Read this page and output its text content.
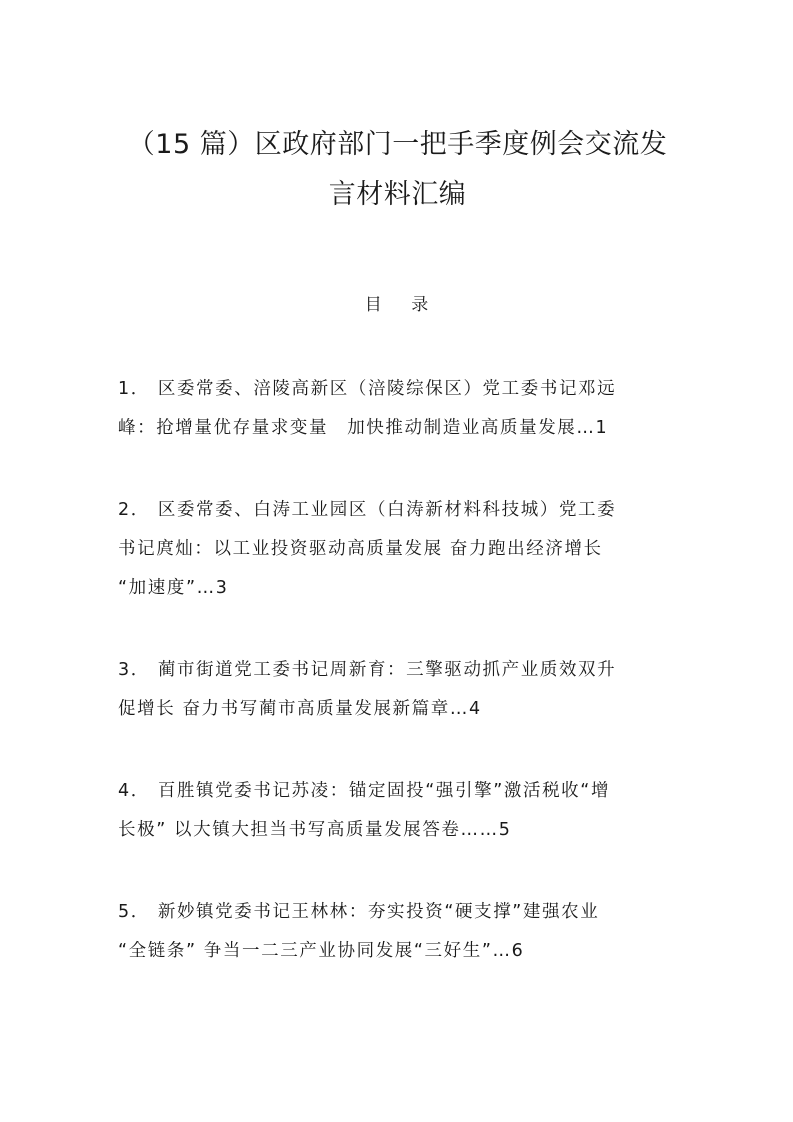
（15 篇）区政府部门一把手季度例会交流发
言材料汇编
目 录
1． 区委常委、涪陵高新区（涪陵综保区）党工委书记邓远
峰：抢增量优存量求变量　加快推动制造业高质量发展…1
2． 区委常委、白涛工业园区（白涛新材料科技城）党工委
书记庹灿：以工业投资驱动高质量发展 奋力跑出经济增长
“加速度”…3
3． 蔺市街道党工委书记周新育：三擎驱动抓产业质效双升
促增长 奋力书写蔺市高质量发展新篇章…4
4． 百胜镇党委书记苏凌：锚定固投“强引擎”激活税收“增
长极” 以大镇大担当书写高质量发展答卷……5
5． 新妙镇党委书记王林林：夯实投资“硬支撑”建强农业
“全链条” 争当一二三产业协同发展“三好生”…6
